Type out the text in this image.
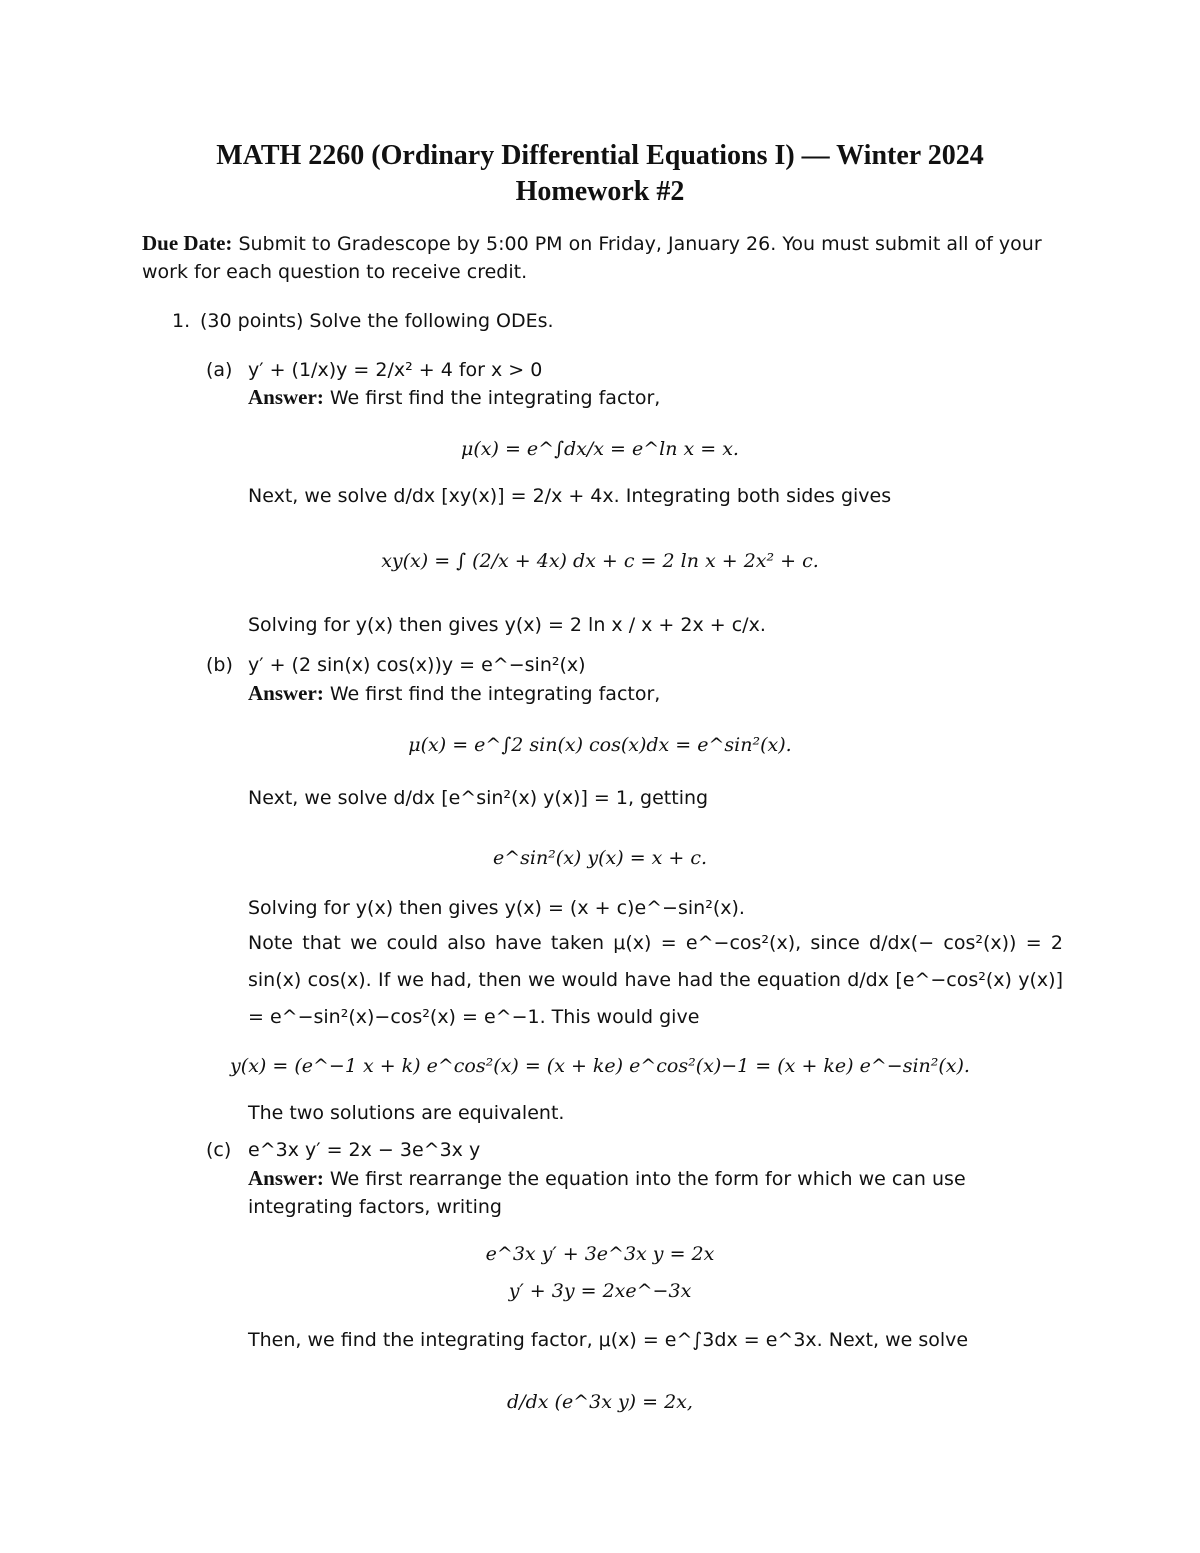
MATH 2260 (Ordinary Differential Equations I) — Winter 2024
Homework #2
Due Date: Submit to Gradescope by 5:00 PM on Friday, January 26. You must submit all of your work for each question to receive credit.
1. (30 points) Solve the following ODEs.
(a) y′ + (1/x)y = 2/x² + 4 for x > 0
Answer: We first find the integrating factor,
μ(x) = e^∫dx/x = e^ln x = x.
Next, we solve d/dx [xy(x)] = 2/x + 4x. Integrating both sides gives
xy(x) = ∫ (2/x + 4x) dx + c = 2 ln x + 2x² + c.
Solving for y(x) then gives y(x) = 2 ln x / x + 2x + c/x.
(b) y′ + (2 sin(x) cos(x))y = e^−sin²(x)
Answer: We first find the integrating factor,
μ(x) = e^∫2 sin(x) cos(x)dx = e^sin²(x).
Next, we solve d/dx [e^sin²(x) y(x)] = 1, getting
e^sin²(x) y(x) = x + c.
Solving for y(x) then gives y(x) = (x + c)e^−sin²(x).
Note that we could also have taken μ(x) = e^−cos²(x), since d/dx(− cos²(x)) = 2 sin(x) cos(x). If we had, then we would have had the equation d/dx [e^−cos²(x) y(x)] = e^−sin²(x)−cos²(x) = e^−1. This would give
y(x) = (e^−1 x + k) e^cos²(x) = (x + ke) e^cos²(x)−1 = (x + ke) e^−sin²(x).
The two solutions are equivalent.
(c) e^3x y′ = 2x − 3e^3x y
Answer: We first rearrange the equation into the form for which we can use integrating factors, writing
e^3x y′ + 3e^3x y = 2x
y′ + 3y = 2xe^−3x
Then, we find the integrating factor, μ(x) = e^∫3dx = e^3x. Next, we solve
d/dx (e^3x y) = 2x,
